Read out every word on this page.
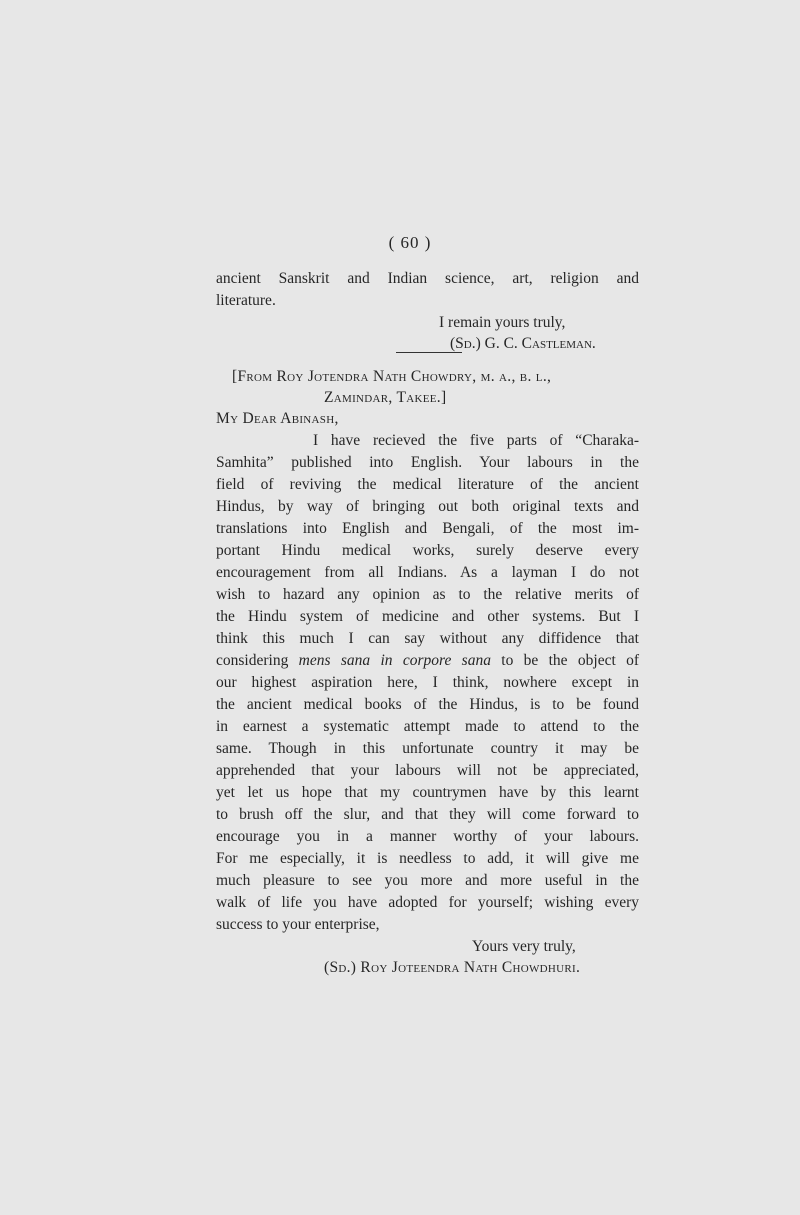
( 60 )
ancient Sanskrit and Indian science, art, religion and
literature.
I remain yours truly,
(Sd.) G. C. Castleman.
[From Roy Jotendra Nath Chowdry, m. a., b. l.,
Zamindar, Takee.]
My Dear Abinash,
I have recieved the five parts of “Charaka-
Samhita” published into English. Your labours in the
field of reviving the medical literature of the ancient
Hindus, by way of bringing out both original texts and
translations into English and Bengali, of the most im-
portant Hindu medical works, surely deserve every
encouragement from all Indians. As a layman I do not
wish to hazard any opinion as to the relative merits of
the Hindu system of medicine and other systems. But I
think this much I can say without any diffidence that
considering mens sana in corpore sana to be the object of
our highest aspiration here, I think, nowhere except in
the ancient medical books of the Hindus, is to be found
in earnest a systematic attempt made to attend to the
same. Though in this unfortunate country it may be
apprehended that your labours will not be appreciated,
yet let us hope that my countrymen have by this learnt
to brush off the slur, and that they will come forward to
encourage you in a manner worthy of your labours.
For me especially, it is needless to add, it will give me
much pleasure to see you more and more useful in the
walk of life you have adopted for yourself; wishing every
success to your enterprise,
Yours very truly,
(Sd.) Roy Joteendra Nath Chowdhuri.
